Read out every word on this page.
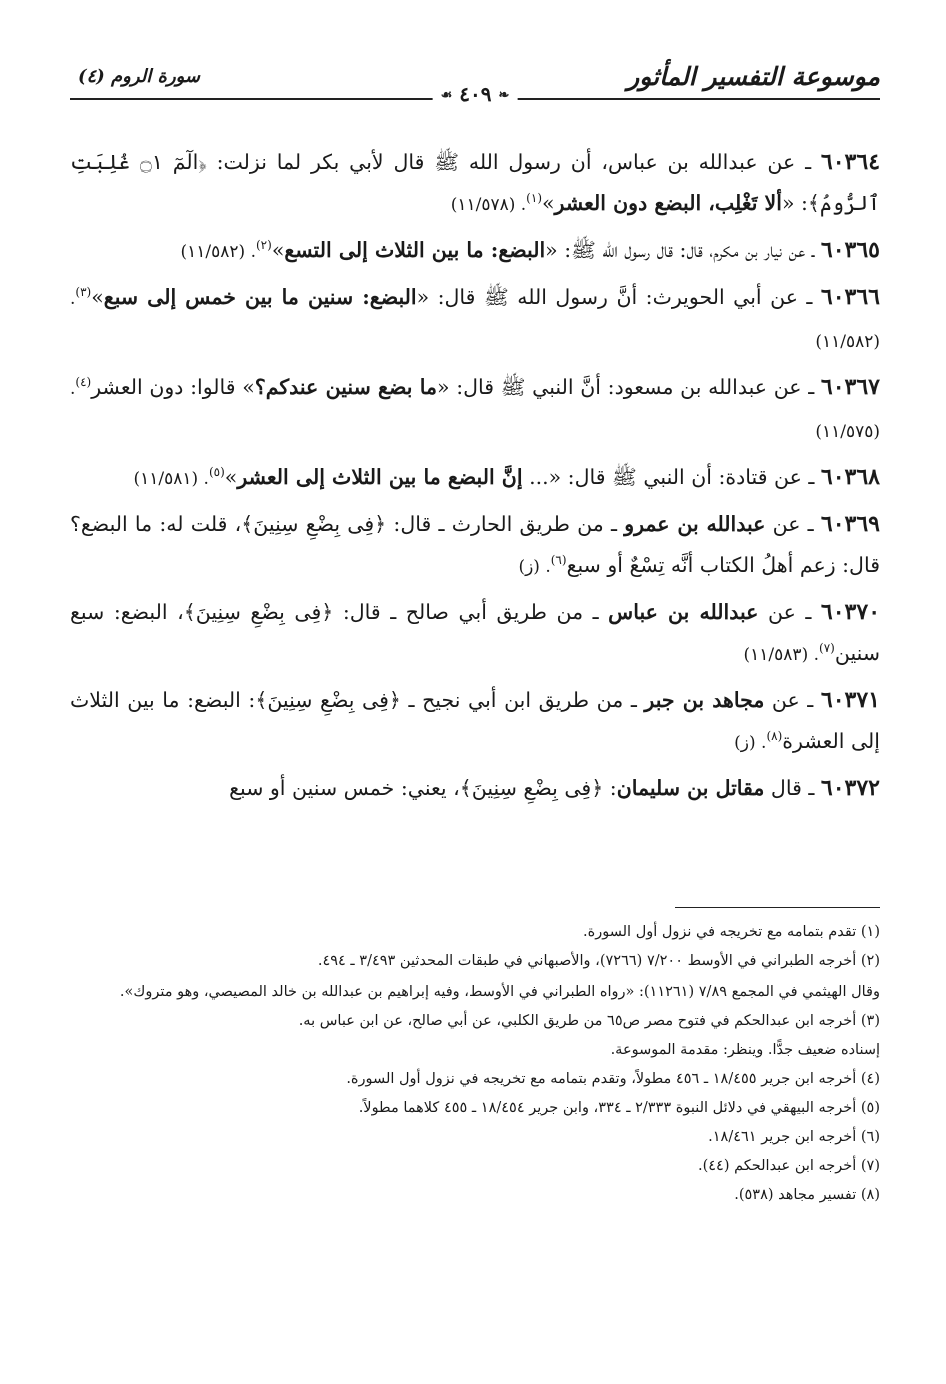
موسوعة التفسير المأثور
سورة الروم (٤)
❧ ٤٠٩ ☙

٦٠٣٦٤ ـ عن عبدالله بن عباس، أن رسول الله ﷺ قال لأبي بكر لما نزلت: ﴿الٓمٓ ۝١ غُلِبَتِ ٱلرُّومُ﴾: «ألا تَغْلِب، البضع دون العشر»$^{(١)}$. (١١/٥٧٨)

٦٠٣٦٥ ـ عن نيار بن مكرم، قال: قال رسول الله ﷺ: «البضع: ما بين الثلاث إلى التسع»$^{(٢)}$. (١١/٥٨٢)

٦٠٣٦٦ ـ عن أبي الحويرث: أنَّ رسول الله ﷺ قال: «البضع: سنين ما بين خمس إلى سبع»$^{(٣)}$. (١١/٥٨٢)

٦٠٣٦٧ ـ عن عبدالله بن مسعود: أنَّ النبي ﷺ قال: «ما بضع سنين عندكم؟» قالوا: دون العشر$^{(٤)}$. (١١/٥٧٥)

٦٠٣٦٨ ـ عن قتادة: أن النبي ﷺ قال: «... إنَّ البضع ما بين الثلاث إلى العشر»$^{(٥)}$. (١١/٥٨١)

٦٠٣٦٩ ـ عن عبدالله بن عمرو ـ من طريق الحارث ـ قال: ﴿فِى بِضْعِ سِنِينَ﴾، قلت له: ما البضع؟ قال: زعم أهلُ الكتاب أنَّه تِسْعٌ أو سبع$^{(٦)}$. (ز)

٦٠٣٧٠ ـ عن عبدالله بن عباس ـ من طريق أبي صالح ـ قال: ﴿فِى بِضْعِ سِنِينَ﴾، البضع: سبع سنين$^{(٧)}$. (١١/٥٨٣)

٦٠٣٧١ ـ عن مجاهد بن جبر ـ من طريق ابن أبي نجيح ـ ﴿فِى بِضْعِ سِنِينَ﴾: البضع: ما بين الثلاث إلى العشرة$^{(٨)}$. (ز)

٦٠٣٧٢ ـ قال مقاتل بن سليمان: ﴿فِى بِضْعِ سِنِينَ﴾، يعني: خمس سنين أو سبع

(١) تقدم بتمامه مع تخريجه في نزول أول السورة.
(٢) أخرجه الطبراني في الأوسط ٧/٢٠٠ (٧٢٦٦)، والأصبهاني في طبقات المحدثين ٣/٤٩٣ ـ ٤٩٤.
وقال الهيثمي في المجمع ٧/٨٩ (١١٢٦١): «رواه الطبراني في الأوسط، وفيه إبراهيم بن عبدالله بن خالد المصيصي، وهو متروك».
(٣) أخرجه ابن عبدالحكم في فتوح مصر ص٦٥ من طريق الكلبي، عن أبي صالح، عن ابن عباس به.
إسناده ضعيف جدًّا. وينظر: مقدمة الموسوعة.
(٤) أخرجه ابن جرير ١٨/٤٥٥ ـ ٤٥٦ مطولاً، وتقدم بتمامه مع تخريجه في نزول أول السورة.
(٥) أخرجه البيهقي في دلائل النبوة ٢/٣٣٣ ـ ٣٣٤، وابن جرير ١٨/٤٥٤ ـ ٤٥٥ كلاهما مطولاً.
(٦) أخرجه ابن جرير ١٨/٤٦١.
(٧) أخرجه ابن عبدالحكم (٤٤).
(٨) تفسير مجاهد (٥٣٨).
